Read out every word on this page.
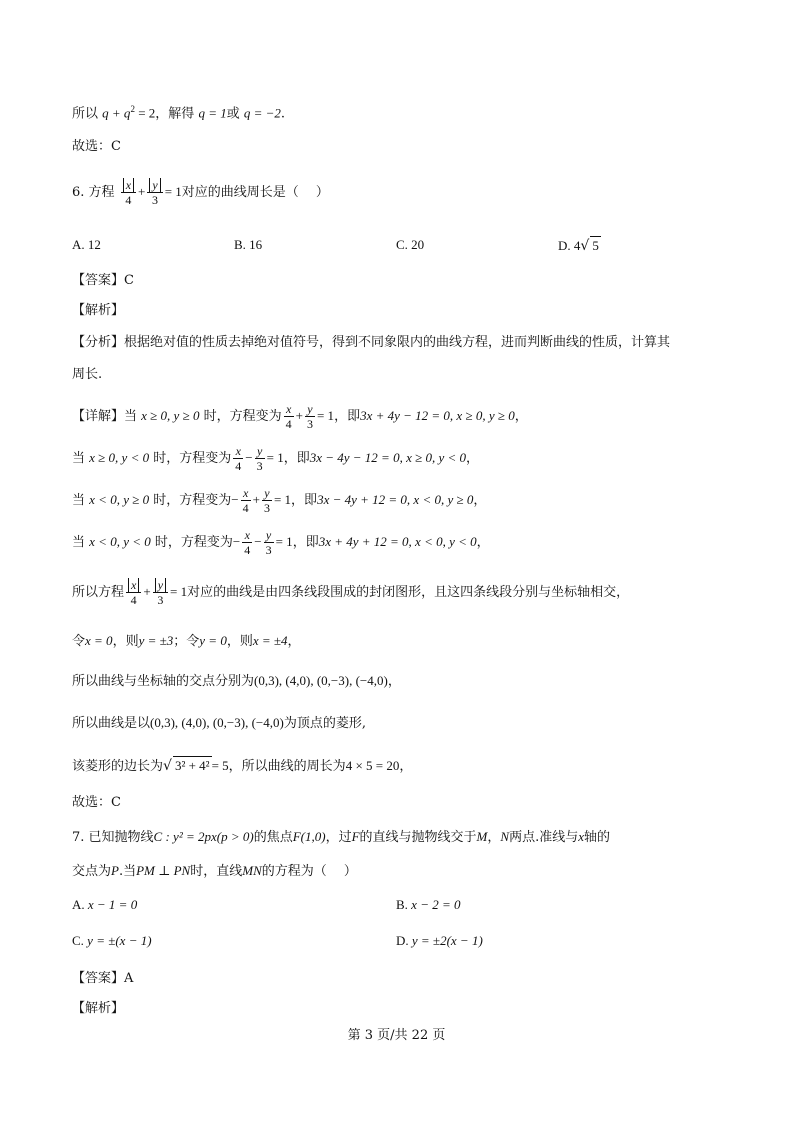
所以 $q + q^2 = 2$，解得 q = 1或 q = −2.
故选：C
6. 方程 $\frac{x}{4} + \frac{y}{3} = 1$对应的曲线周长是（　 ）
A. 12	B. 16	C. 20	D. 4√ 5
【答案】C
【解析】
【分析】根据绝对值的性质去掉绝对值符号，得到不同象限内的曲线方程，进而判断曲线的性质，计算其
周长.
【详解】当 x ≥ 0, y ≥ 0 时，方程变为 $\frac{x}{4} + \frac{y}{3} = 1$，即3x + 4y − 12 = 0, x ≥ 0, y ≥ 0，
当 x ≥ 0, y < 0 时，方程变为 $\frac{x}{4} - \frac{y}{3} = 1$，即3x − 4y − 12 = 0, x ≥ 0, y < 0，
当 x < 0, y ≥ 0 时，方程变为− $\frac{x}{4} + \frac{y}{3} = 1$，即3x − 4y + 12 = 0, x < 0, y ≥ 0，
当 x < 0, y < 0 时，方程变为− $\frac{x}{4} - \frac{y}{3} = 1$，即3x + 4y + 12 = 0, x < 0, y < 0，
所以方程 $\frac{x}{4} + \frac{y}{3} = 1$对应的曲线是由四条线段围成的封闭图形，且这四条线段分别与坐标轴相交，
令x = 0，则y = ±3；令y = 0，则x = ±4，
所以曲线与坐标轴的交点分别为(0,3), (4,0), (0,−3), (−4,0)，
所以曲线是以(0,3), (4,0), (0,−3), (−4,0)为顶点的菱形,
该菱形的边长为√ 3² + 4² = 5，所以曲线的周长为4 × 5 = 20，
故选：C
7. 已知抛物线C : y² = 2px(p > 0)的焦点F(1,0)，过F的直线与抛物线交于M，N两点.准线与x轴的
交点为P.当PM ⊥ PN时，直线MN的方程为（　 ）
A. x − 1 = 0	B. x − 2 = 0
C. y = ±(x − 1)	D. y = ±2(x − 1)
【答案】A
【解析】
第 3 页/共 22 页
